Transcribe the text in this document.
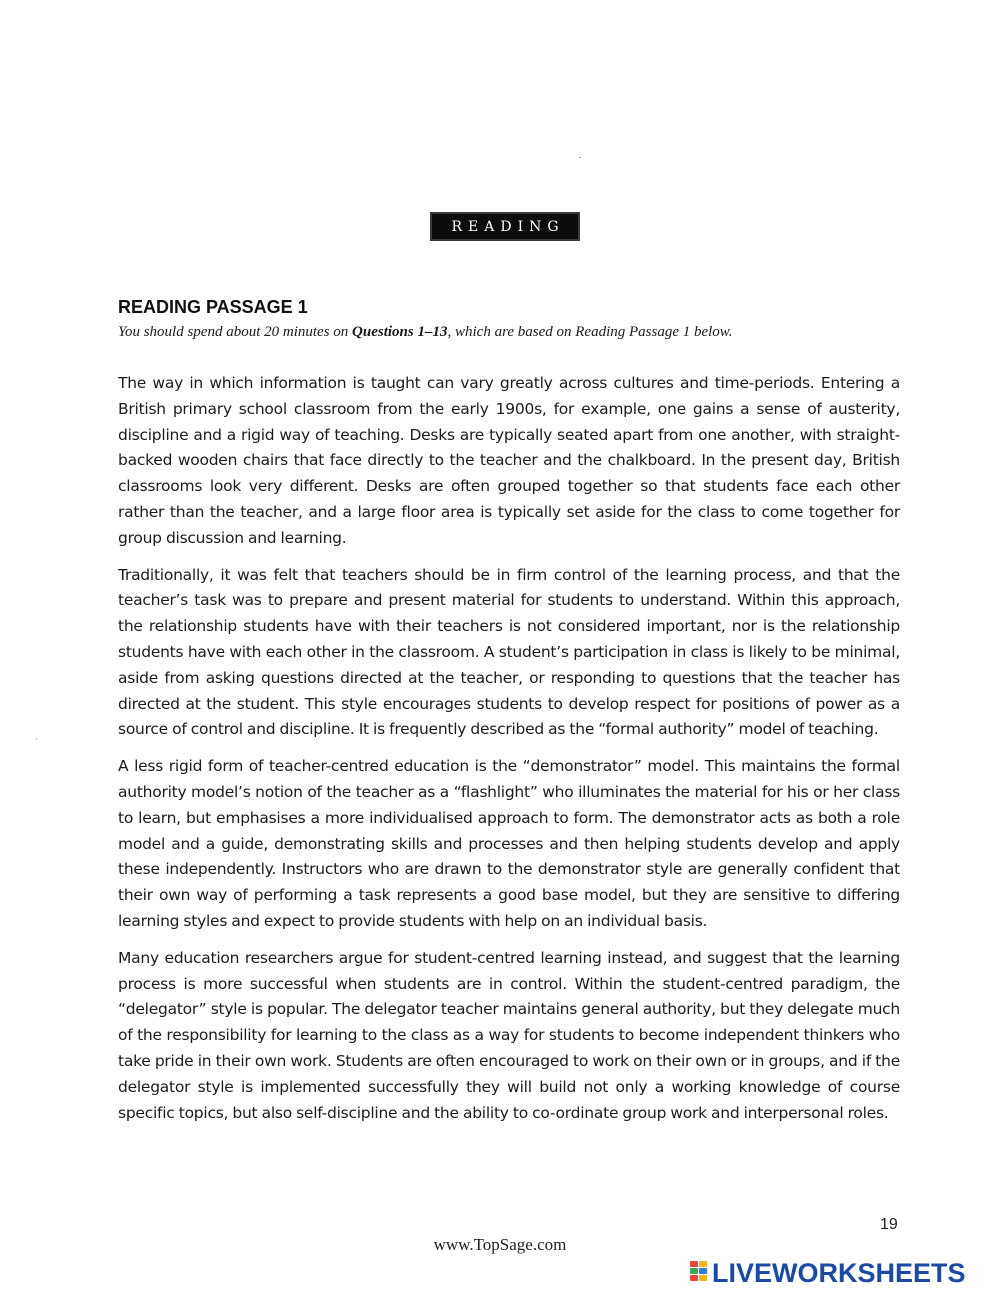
READING
READING PASSAGE 1

You should spend about 20 minutes on Questions 1–13, which are based on Reading Passage 1 below.

The way in which information is taught can vary greatly across cultures and time-periods. Entering a British primary school classroom from the early 1900s, for example, one gains a sense of austerity, discipline and a rigid way of teaching. Desks are typically seated apart from one another, with straight-backed wooden chairs that face directly to the teacher and the chalkboard. In the present day, British classrooms look very different. Desks are often grouped together so that students face each other rather than the teacher, and a large floor area is typically set aside for the class to come together for group discussion and learning.

Traditionally, it was felt that teachers should be in firm control of the learning process, and that the teacher’s task was to prepare and present material for students to understand. Within this approach, the relationship students have with their teachers is not considered important, nor is the relationship students have with each other in the classroom. A student’s participation in class is likely to be minimal, aside from asking questions directed at the teacher, or responding to questions that the teacher has directed at the student. This style encourages students to develop respect for positions of power as a source of control and discipline. It is frequently described as the “formal authority” model of teaching.

A less rigid form of teacher-centred education is the “demonstrator” model. This maintains the formal authority model’s notion of the teacher as a “flashlight” who illuminates the material for his or her class to learn, but emphasises a more individualised approach to form. The demonstrator acts as both a role model and a guide, demonstrating skills and processes and then helping students develop and apply these independently. Instructors who are drawn to the demonstrator style are generally confident that their own way of performing a task represents a good base model, but they are sensitive to differing learning styles and expect to provide students with help on an individual basis.

Many education researchers argue for student-centred learning instead, and suggest that the learning process is more successful when students are in control. Within the student-centred paradigm, the “delegator” style is popular. The delegator teacher maintains general authority, but they delegate much of the responsibility for learning to the class as a way for students to become independent thinkers who take pride in their own work. Students are often encouraged to work on their own or in groups, and if the delegator style is implemented successfully they will build not only a working knowledge of course specific topics, but also self-discipline and the ability to co-ordinate group work and interpersonal roles.

19
www.TopSage.com
LIVEWORKSHEETS
